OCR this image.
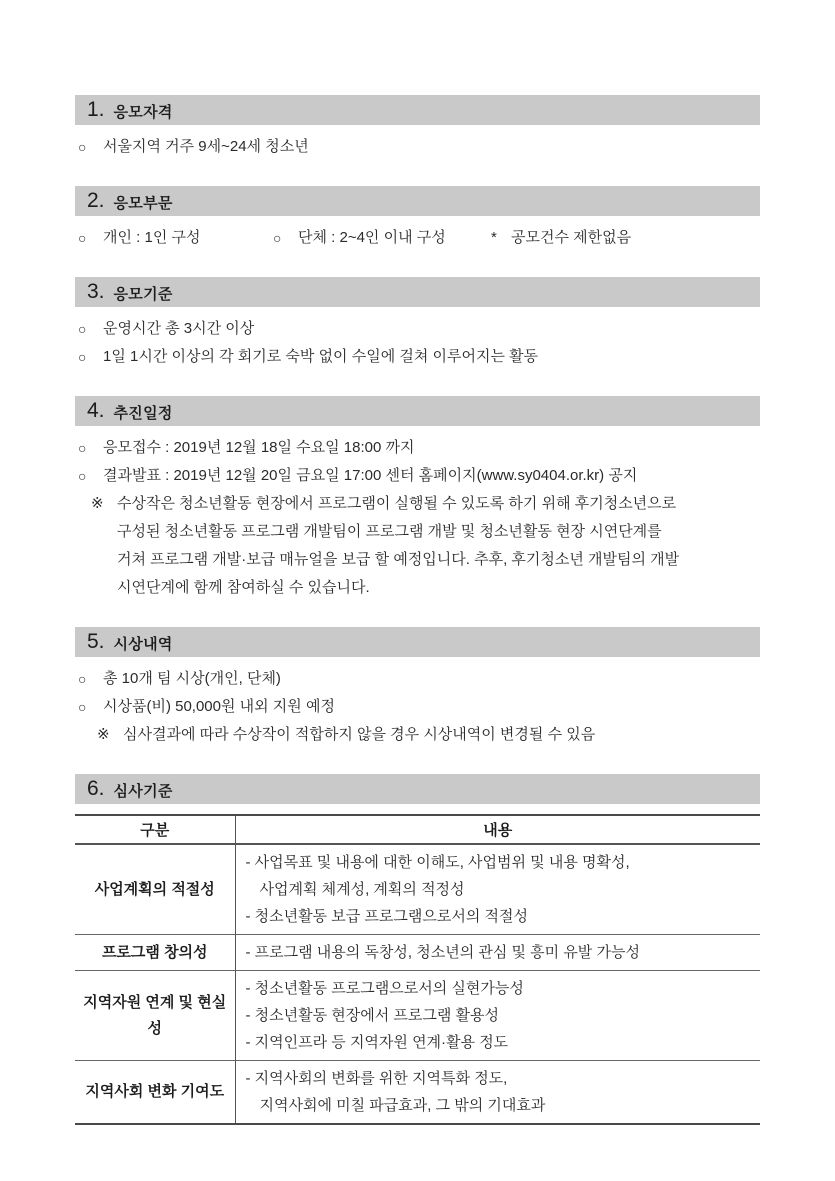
1. 응모자격
○	서울지역 거주 9세~24세 청소년
2. 응모부문
○	개인 : 1인 구성	○	단체 : 2~4인 이내 구성	* 공모건수 제한없음
3. 응모기준
○	운영시간 총 3시간 이상
○	1일 1시간 이상의 각 회기로 숙박 없이 수일에 걸쳐 이루어지는 활동
4. 추진일정
○	응모접수 : 2019년 12월 18일 수요일 18:00 까지
○	결과발표 : 2019년 12월 20일 금요일 17:00 센터 홈페이지(www.sy0404.or.kr) 공지
※ 수상작은 청소년활동 현장에서 프로그램이 실행될 수 있도록 하기 위해 후기청소년으로
구성된 청소년활동 프로그램 개발팀이 프로그램 개발 및 청소년활동 현장 시연단계를
거쳐 프로그램 개발·보급 매뉴얼을 보급 할 예정입니다. 추후, 후기청소년 개발팀의 개발
시연단계에 함께 참여하실 수 있습니다.
5. 시상내역
○	총 10개 팀 시상(개인, 단체)
○	시상품(비) 50,000원 내외 지원 예정
※ 심사결과에 따라 수상작이 적합하지 않을 경우 시상내역이 변경될 수 있음
6. 심사기준
구분	내용
사업계획의 적절성	- 사업목표 및 내용에 대한 이해도, 사업범위 및 내용 명확성,
사업계획 체계성, 계획의 적정성
- 청소년활동 보급 프로그램으로서의 적절성

프로그램 창의성	- 프로그램 내용의 독창성, 청소년의 관심 및 흥미 유발 가능성

지역자원 연계 및 현실성	- 청소년활동 프로그램으로서의 실현가능성
- 청소년활동 현장에서 프로그램 활용성
- 지역인프라 등 지역자원 연계·활용 정도

지역사회 변화 기여도	- 지역사회의 변화를 위한 지역특화 정도,
지역사회에 미칠 파급효과, 그 밖의 기대효과
